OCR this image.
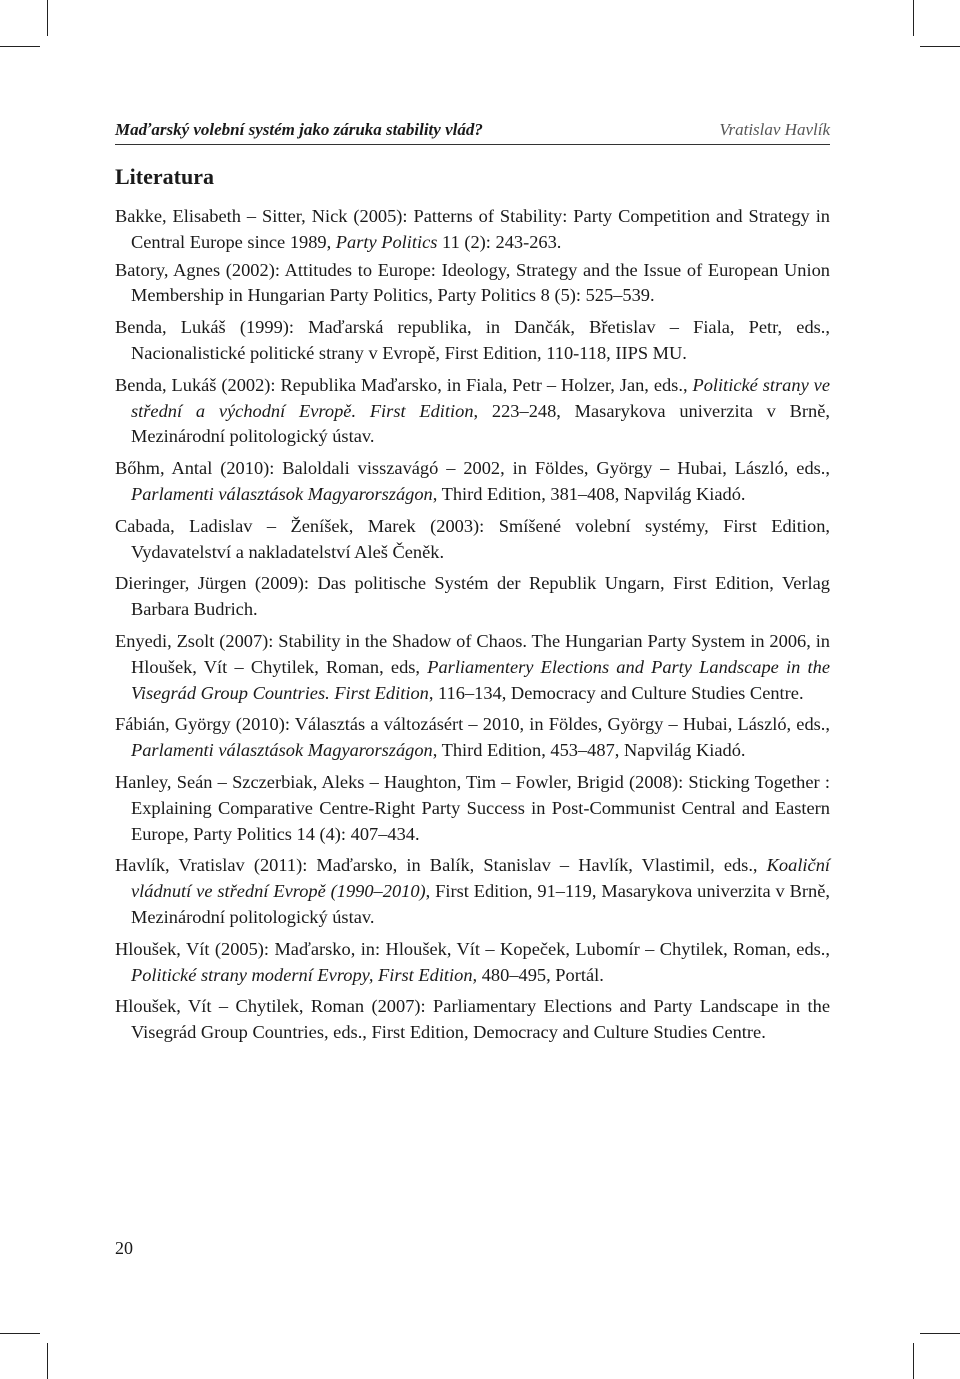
Maďarský volební systém jako záruka stability vlád?	Vratislav Havlík
Literatura

Bakke, Elisabeth – Sitter, Nick (2005): Patterns of Stability: Party Competition and Strategy in Central Europe since 1989, Party Politics 11 (2): 243-263.

Batory, Agnes (2002): Attitudes to Europe: Ideology, Strategy and the Issue of European Union Membership in Hungarian Party Politics, Party Politics 8 (5): 525–539.

Benda, Lukáš (1999): Maďarská republika, in Dančák, Břetislav – Fiala, Petr, eds., Nacionalistické politické strany v Evropě, First Edition, 110-118, IIPS MU.

Benda, Lukáš (2002): Republika Maďarsko, in Fiala, Petr – Holzer, Jan, eds., Politické strany ve střední a východní Evropě. First Edition, 223–248, Masarykova univerzita v Brně, Mezinárodní politologický ústav.

Bőhm, Antal (2010): Baloldali visszavágó – 2002, in Földes, György – Hubai, László, eds., Parlamenti választások Magyarországon, Third Edition, 381–408, Napvilág Kiadó.

Cabada, Ladislav – Ženíšek, Marek (2003): Smíšené volební systémy, First Edition, Vydavatelství a nakladatelství Aleš Čeněk.

Dieringer, Jürgen (2009): Das politische Systém der Republik Ungarn, First Edition, Verlag Barbara Budrich.

Enyedi, Zsolt (2007): Stability in the Shadow of Chaos. The Hungarian Party System in 2006, in Hloušek, Vít – Chytilek, Roman, eds, Parliamentery Elections and Party Landscape in the Visegrád Group Countries. First Edition, 116–134, Democracy and Culture Studies Centre.

Fábián, György (2010): Választás a változásért – 2010, in Földes, György – Hubai, László, eds., Parlamenti választások Magyarországon, Third Edition, 453–487, Napvilág Kiadó.

Hanley, Seán – Szczerbiak, Aleks – Haughton, Tim – Fowler, Brigid (2008): Sticking Together : Explaining Comparative Centre-Right Party Success in Post-Communist Central and Eastern Europe, Party Politics 14 (4): 407–434.

Havlík, Vratislav (2011): Maďarsko, in Balík, Stanislav – Havlík, Vlastimil, eds., Koaliční vládnutí ve střední Evropě (1990–2010), First Edition, 91–119, Masarykova univerzita v Brně, Mezinárodní politologický ústav.

Hloušek, Vít (2005): Maďarsko, in: Hloušek, Vít – Kopeček, Lubomír – Chytilek, Roman, eds., Politické strany moderní Evropy, First Edition, 480–495, Portál.

Hloušek, Vít – Chytilek, Roman (2007): Parliamentary Elections and Party Landscape in the Visegrád Group Countries, eds., First Edition, Democracy and Culture Studies Centre.

20
